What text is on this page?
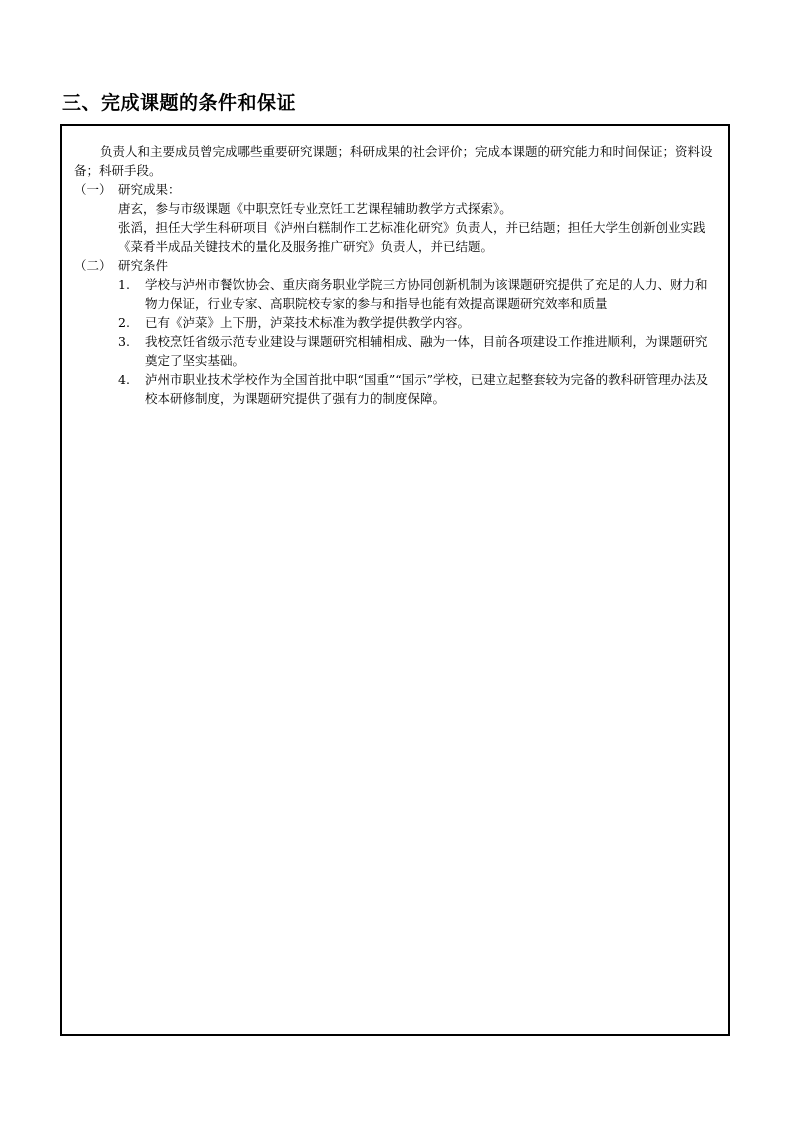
三、完成课题的条件和保证

负责人和主要成员曾完成哪些重要研究课题；科研成果的社会评价；完成本课题的研究能力和时间保证；资料设备；科研手段。

（一） 研究成果：

唐玄，参与市级课题《中职烹饪专业烹饪工艺课程辅助教学方式探索》。

张滔，担任大学生科研项目《泸州白糕制作工艺标准化研究》负责人，并已结题；担任大学生创新创业实践《菜肴半成品关键技术的量化及服务推广研究》负责人，并已结题。

（二） 研究条件

1.	学校与泸州市餐饮协会、重庆商务职业学院三方协同创新机制为该课题研究提供了充足的人力、财力和物力保证，行业专家、高职院校专家的参与和指导也能有效提高课题研究效率和质量
2.	已有《泸菜》上下册，泸菜技术标准为教学提供教学内容。
3.	我校烹饪省级示范专业建设与课题研究相辅相成、融为一体，目前各项建设工作推进顺利，为课题研究奠定了坚实基础。
4.	泸州市职业技术学校作为全国首批中职“国重”“国示”学校，已建立起整套较为完备的教科研管理办法及校本研修制度，为课题研究提供了强有力的制度保障。
